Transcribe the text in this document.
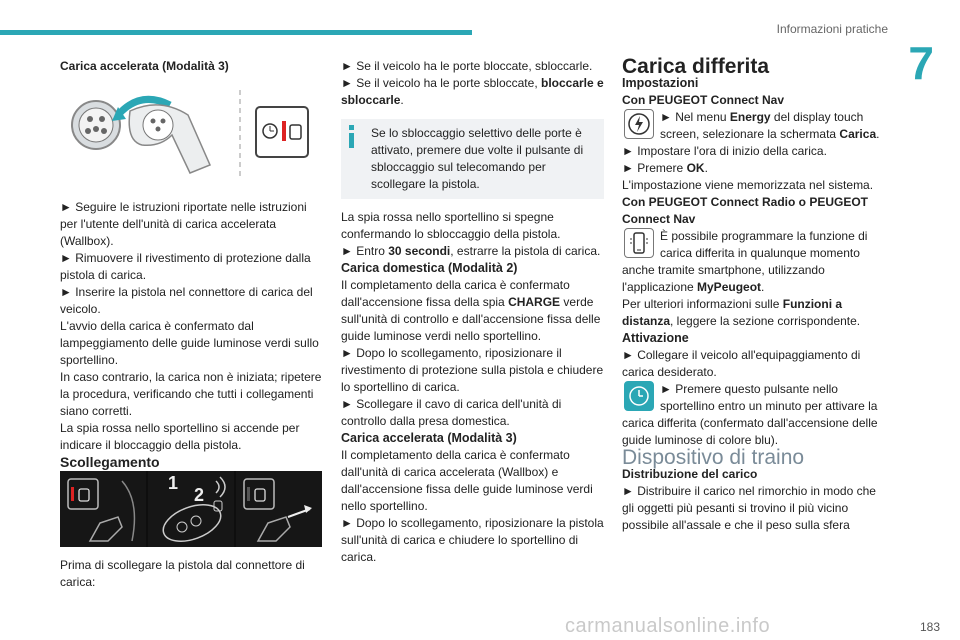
Informazioni pratiche
7

Carica accelerata (Modalità 3)

► Seguire le istruzioni riportate nelle istruzioni per l'utente dell'unità di carica accelerata (Wallbox).

► Rimuovere il rivestimento di protezione dalla pistola di carica.

► Inserire la pistola nel connettore di carica del veicolo.

L'avvio della carica è confermato dal lampeggiamento delle guide luminose verdi sullo sportellino.

In caso contrario, la carica non è iniziata; ripetere la procedura, verificando che tutti i collegamenti siano corretti.

La spia rossa nello sportellino si accende per indicare il bloccaggio della pistola.

Scollegamento

1
2

Prima di scollegare la pistola dal connettore di carica:

► Se il veicolo ha le porte bloccate, sbloccarle.

► Se il veicolo ha le porte sbloccate, bloccarle e sbloccarle.

Se lo sbloccaggio selettivo delle porte è attivato, premere due volte il pulsante di sbloccaggio sul telecomando per scollegare la pistola.

La spia rossa nello sportellino si spegne confermando lo sbloccaggio della pistola.

► Entro 30 secondi, estrarre la pistola di carica.

Carica domestica (Modalità 2)

Il completamento della carica è confermato dall'accensione fissa della spia CHARGE verde sull'unità di controllo e dall'accensione fissa delle guide luminose verdi nello sportellino.

► Dopo lo scollegamento, riposizionare il rivestimento di protezione sulla pistola e chiudere lo sportellino di carica.

► Scollegare il cavo di carica dell'unità di controllo dalla presa domestica.

Carica accelerata (Modalità 3)

Il completamento della carica è confermato dall'unità di carica accelerata (Wallbox) e dall'accensione fissa delle guide luminose verdi nello sportellino.

► Dopo lo scollegamento, riposizionare la pistola sull'unità di carica e chiudere lo sportellino di carica.

Carica differita

Impostazioni

Con PEUGEOT Connect Nav

► Nel menu Energy del display touch screen, selezionare la schermata Carica.

► Impostare l'ora di inizio della carica.

► Premere OK.

L'impostazione viene memorizzata nel sistema.

Con PEUGEOT Connect Radio o PEUGEOT Connect Nav

È possibile programmare la funzione di carica differita in qualunque momento anche tramite smartphone, utilizzando l'applicazione MyPeugeot.

Per ulteriori informazioni sulle Funzioni a distanza, leggere la sezione corrispondente.

Attivazione

► Collegare il veicolo all'equipaggiamento di carica desiderato.

► Premere questo pulsante nello sportellino entro un minuto per attivare la carica differita (confermato dall'accensione delle guide luminose di colore blu).

Dispositivo di traino

Distribuzione del carico

► Distribuire il carico nel rimorchio in modo che gli oggetti più pesanti si trovino il più vicino possibile all'assale e che il peso sulla sfera

carmanualsonline.info	183
